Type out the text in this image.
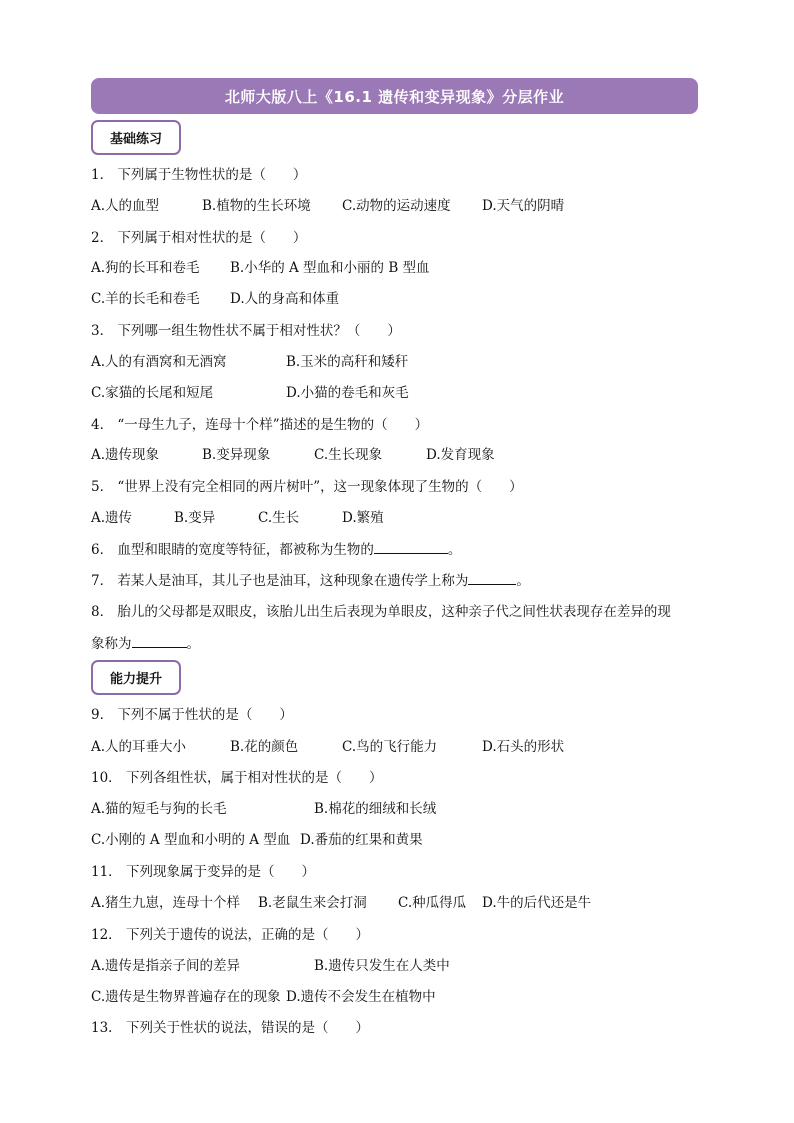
北师大版八上《16.1 遗传和变异现象》分层作业
基础练习
1． 下列属于生物性状的是（　　）
A.人的血型	B.植物的生长环境 C.动物的运动速度 D.天气的阴晴
2． 下列属于相对性状的是（　　）
A.狗的长耳和卷毛 B.小华的 A 型血和小丽的 B 型血
C.羊的长毛和卷毛 D.人的身高和体重
3． 下列哪一组生物性状不属于相对性状？（　　）
A.人的有酒窝和无酒窝	B.玉米的高秆和矮秆
C.家猫的长尾和短尾	D.小猫的卷毛和灰毛
4． “一母生九子，连母十个样”描述的是生物的（　　）
A.遗传现象	B.变异现象	C.生长现象	D.发育现象
5． “世界上没有完全相同的两片树叶”，这一现象体现了生物的（　　）
A.遗传	B.变异	C.生长	D.繁殖
6． 血型和眼睛的宽度等特征，都被称为生物的	。
7． 若某人是油耳，其儿子也是油耳，这种现象在遗传学上称为	。
8． 胎儿的父母都是双眼皮，该胎儿出生后表现为单眼皮，这种亲子代之间性状表现存在差异的现
象称为	。
能力提升
9． 下列不属于性状的是（　　）
A.人的耳垂大小	B.花的颜色	C.鸟的飞行能力	D.石头的形状
10． 下列各组性状，属于相对性状的是（　　）
A.猫的短毛与狗的长毛	B.棉花的细绒和长绒
C.小刚的 A 型血和小明的 A 型血 D.番茄的红果和黄果
11． 下列现象属于变异的是（　　）
A.猪生九崽，连母十个样 B.老鼠生来会打洞 C.种瓜得瓜 D.牛的后代还是牛
12． 下列关于遗传的说法，正确的是（　　）
A.遗传是指亲子间的差异	B.遗传只发生在人类中
C.遗传是生物界普遍存在的现象 D.遗传不会发生在植物中
13． 下列关于性状的说法，错误的是（　　）
